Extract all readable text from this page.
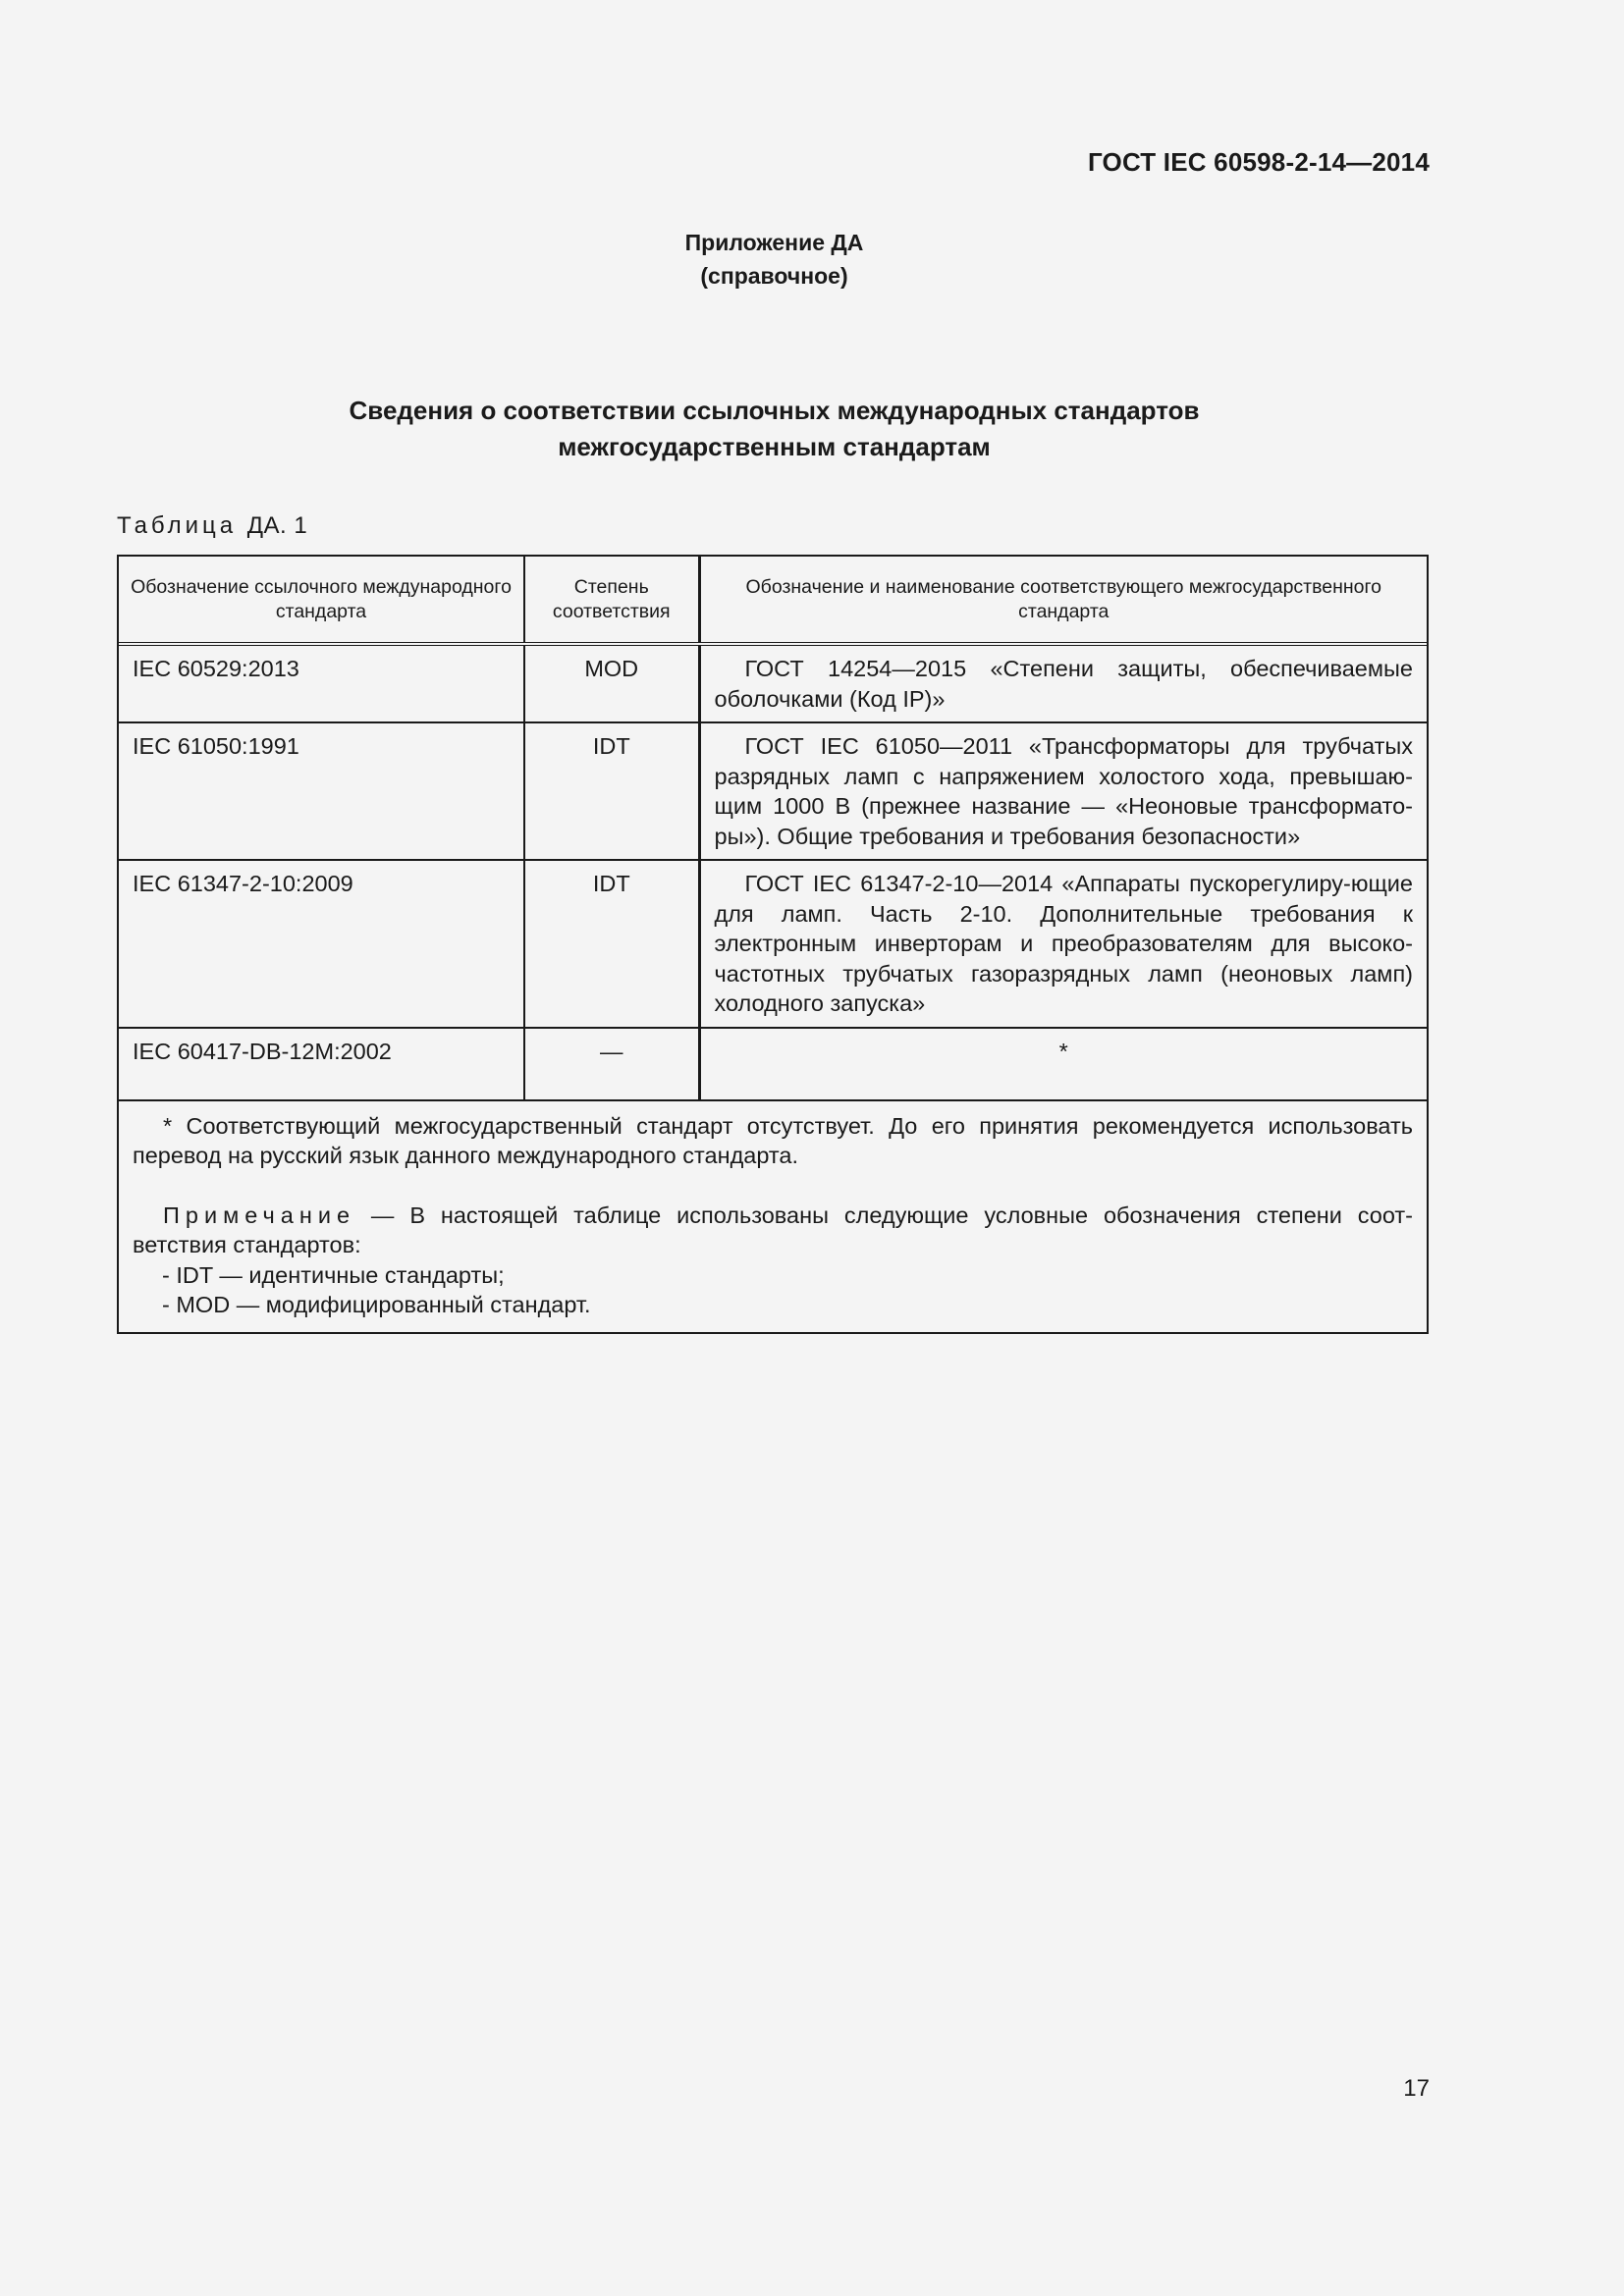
ГОСТ IEC 60598-2-14—2014
Приложение ДА
(справочное)
Сведения о соответствии ссылочных международных стандартов
межгосударственным стандартам
Таблица ДА. 1
Обозначение ссылочного международного стандарта	Степень соответствия	Обозначение и наименование соответствующего межгосударственного стандарта
IEC 60529:2013	MOD	ГОСТ 14254—2015 «Степени защиты, обеспечиваемые оболочками (Код IP)»
IEC 61050:1991	IDT	ГОСТ IEC 61050—2011 «Трансформаторы для трубчатых разрядных ламп с напряжением холостого хода, превышаю-щим 1000 В (прежнее название — «Неоновые трансформато-ры»). Общие требования и требования безопасности»
IEC 61347-2-10:2009	IDT	ГОСТ IEC 61347-2-10—2014 «Аппараты пускорегулиру-ющие для ламп. Часть 2-10. Дополнительные требования к электронным инверторам и преобразователям для высоко-частотных трубчатых газоразрядных ламп (неоновых ламп) холодного запуска»
IEC 60417-DB-12M:2002	—	*

* Соответствующий межгосударственный стандарт отсутствует. До его принятия рекомендуется использовать перевод на русский язык данного международного стандарта.

Примечание — В настоящей таблице использованы следующие условные обозначения степени соот-ветствия стандартов:

- IDT — идентичные стандарты;

- MOD — модифицированный стандарт.

17
